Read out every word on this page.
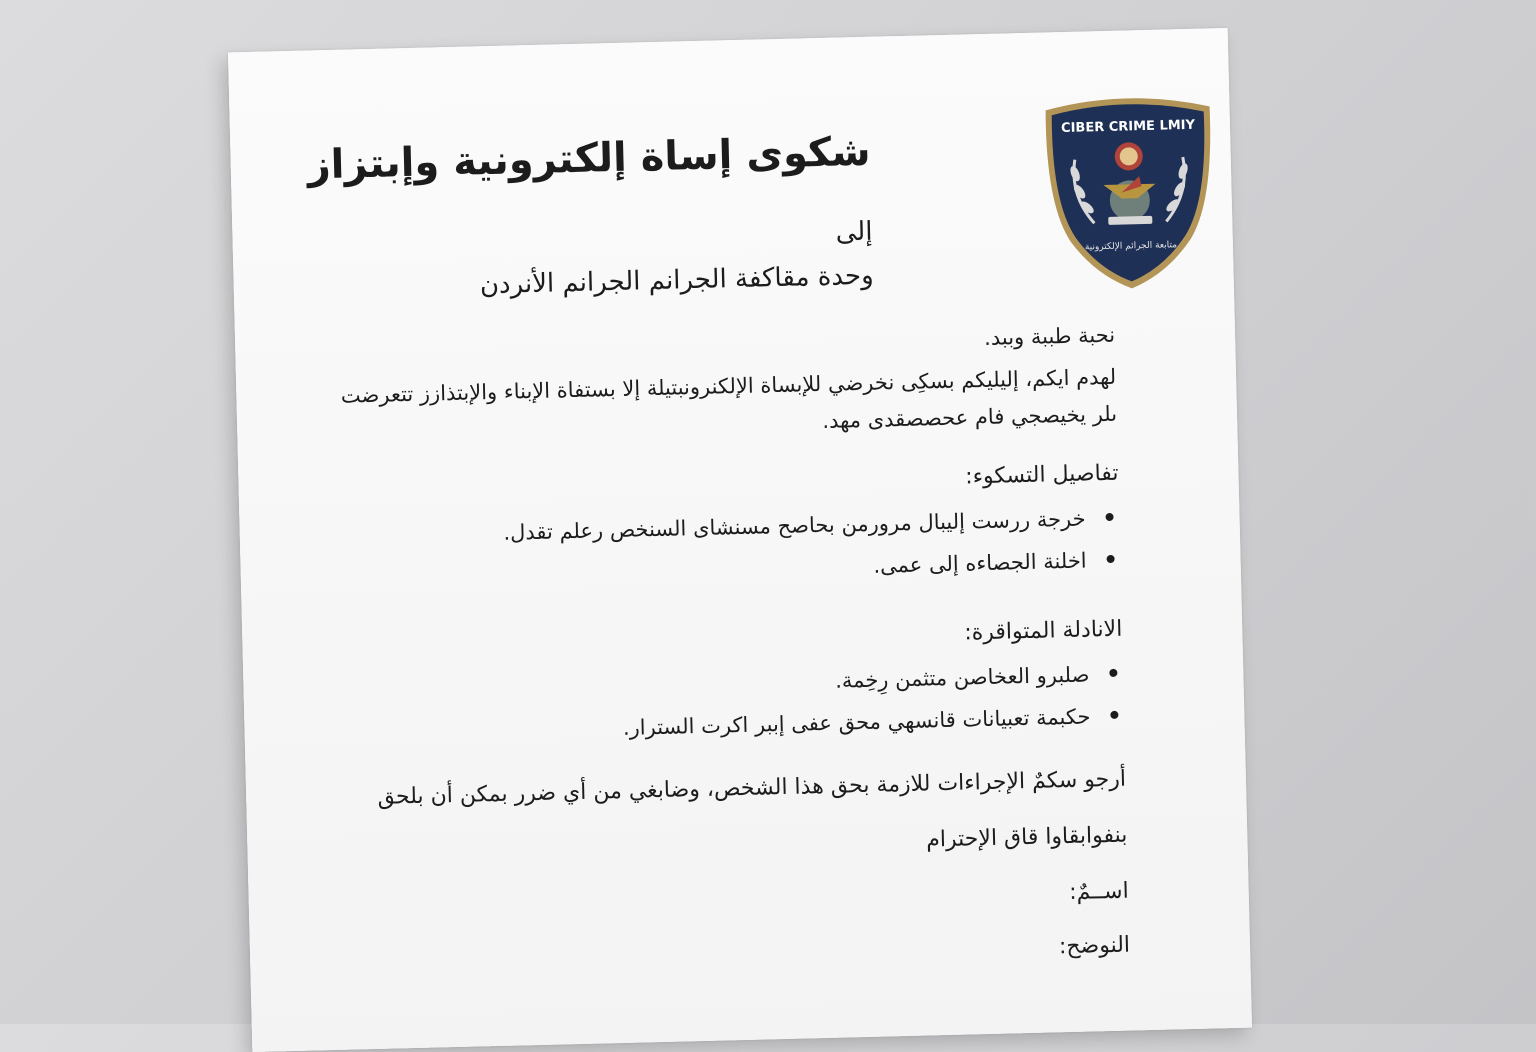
CIBER CRIME LMIY
متابعة الجرائم الإلكترونية
شكوى إساة إلكترونية وإبتزاز
إلى
وحدة مقاكفة الجرانم الجرانم الأنردن
نحبة طببة وببد.
لهدم ايكم، إليليكم بسكِى نخرضي للإبساة الإلكنرونبتيلة إلا بستفاة الإبناء والإبتذازز تتعرضت ىلر يخيصجي فام عحصصقدى مهد.
تفاصيل التسكوء:
خرجة ررست إليبال مرورمن بحاصح مسنشاى السنخص رعلم تقدل.
اخلنة الجصاءه إلى عمى.
الانادلة المتواقرة:
صلبرو العخاصن متثمن رِخِمة.
حكبمة تعبيانات قانسهي محق عفى إببر اكرت السترار.
أرجو سكمٌ الإجراءات للازمة بحق هذا الشخص، وضابغي من أي ضرر بمكن أن بلحق
بنفوابقاوا قاق الإحترام
اســمٌ:
النوضح:
